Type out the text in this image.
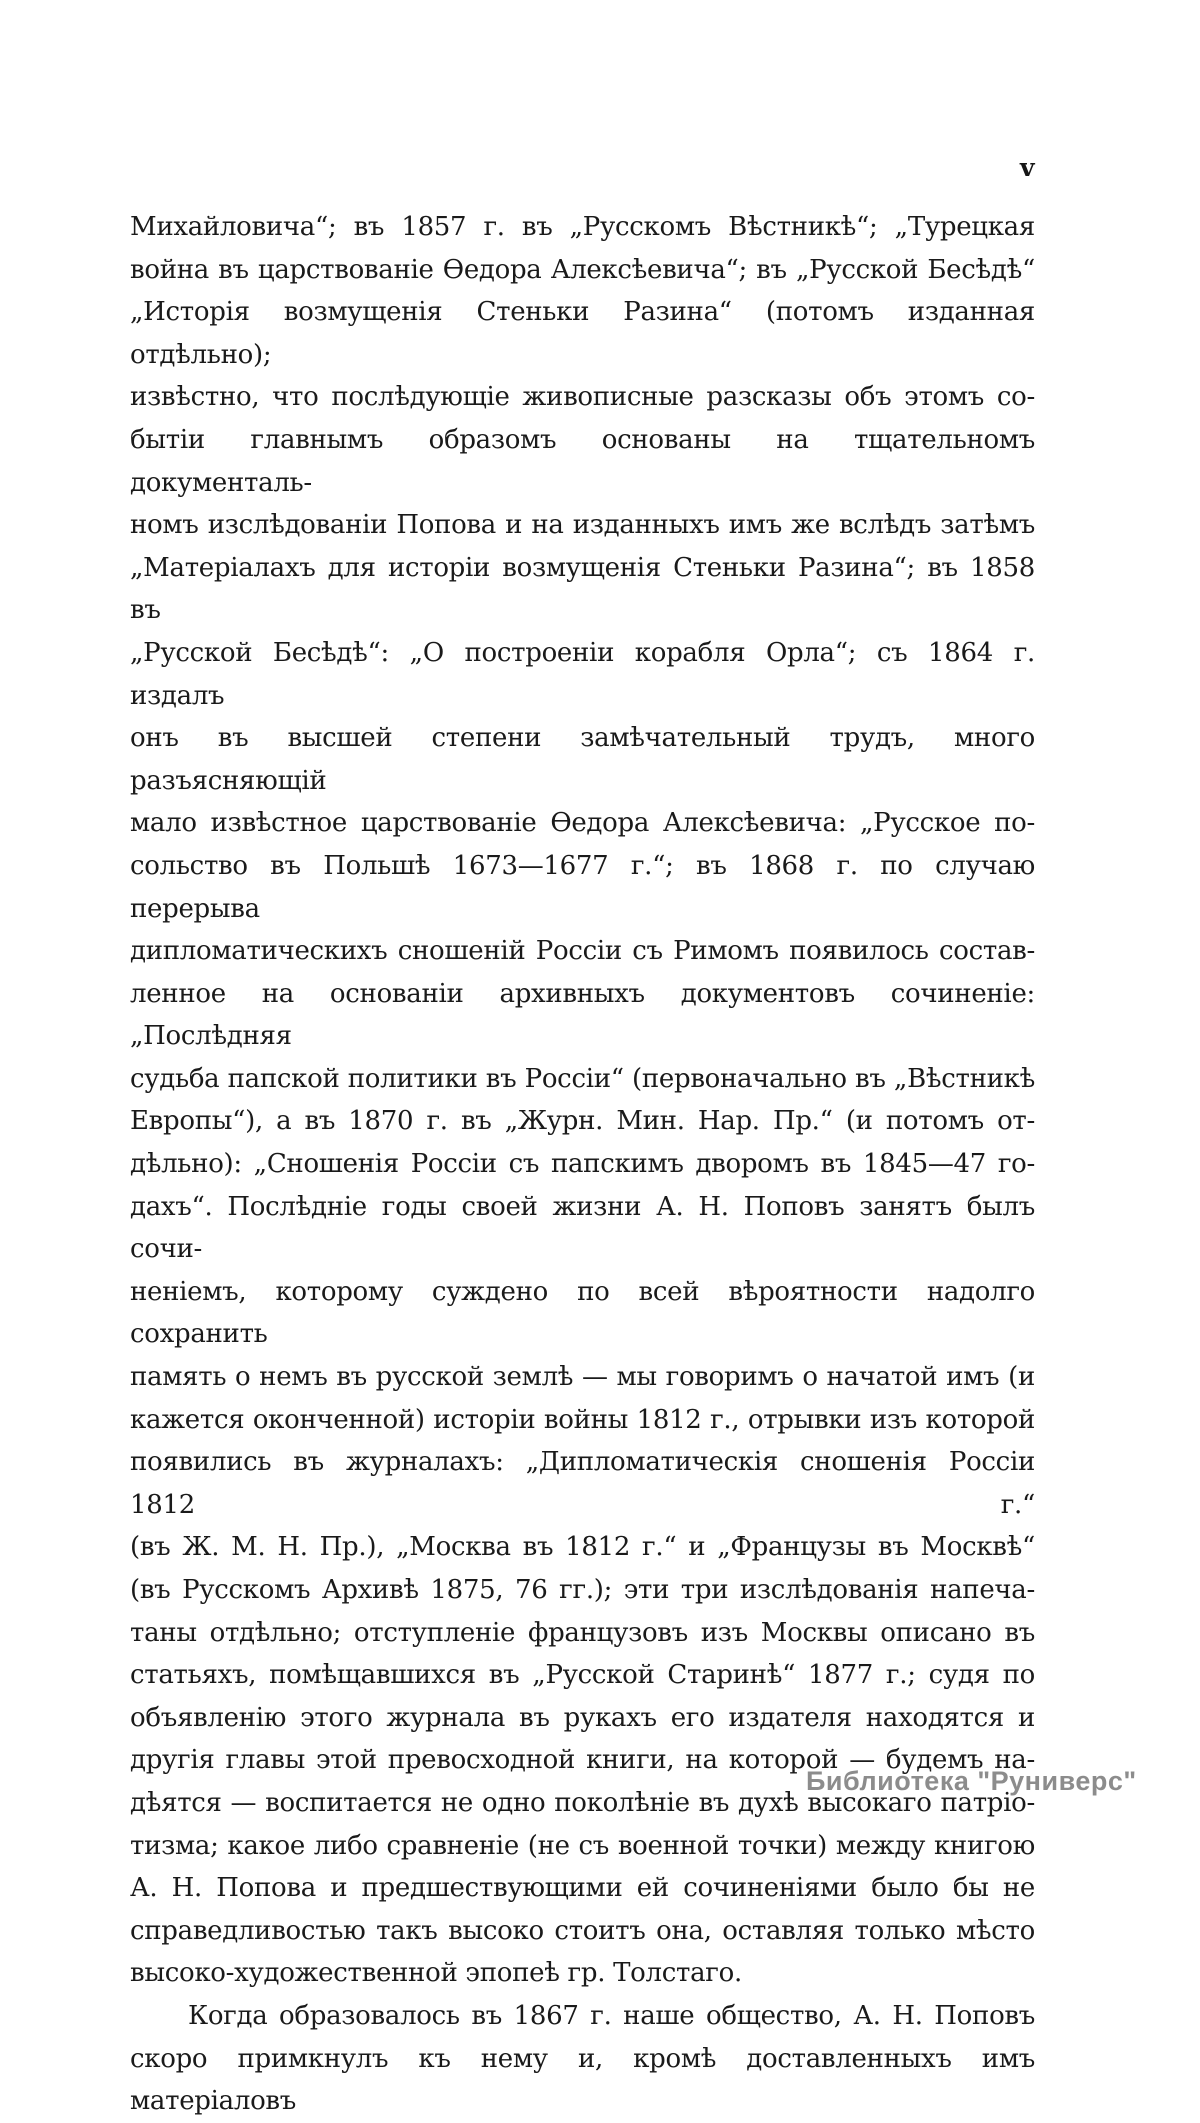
v
Михайловича“; въ 1857 г. въ „Русскомъ Вѣстникѣ“; „Турецкая
война въ царствованіе Ѳедора Алексѣевича“; въ „Русской Бесѣдѣ“
„Исторія возмущенія Стеньки Разина“ (потомъ изданная отдѣльно);
извѣстно, что послѣдующіе живописные разсказы объ этомъ со-
бытіи главнымъ образомъ основаны на тщательномъ документаль-
номъ изслѣдованіи Попова и на изданныхъ имъ же вслѣдъ затѣмъ
„Матеріалахъ для исторіи возмущенія Стеньки Разина“; въ 1858 въ
„Русской Бесѣдѣ“: „О построеніи корабля Орла“; съ 1864 г. издалъ
онъ въ высшей степени замѣчательный трудъ, много разъясняющій
мало извѣстное царствованіе Ѳедора Алексѣевича: „Русское по-
сольство въ Польшѣ 1673—1677 г.“; въ 1868 г. по случаю перерыва
дипломатическихъ сношеній Россіи съ Римомъ появилось состав-
ленное на основаніи архивныхъ документовъ сочиненіе: „Послѣдняя
судьба папской политики въ Россіи“ (первоначально въ „Вѣстникѣ
Европы“), а въ 1870 г. въ „Журн. Мин. Нар. Пр.“ (и потомъ от-
дѣльно): „Сношенія Россіи съ папскимъ дворомъ въ 1845—47 го-
дахъ“. Послѣдніе годы своей жизни А. Н. Поповъ занятъ былъ сочи-
неніемъ, которому суждено по всей вѣроятности надолго сохранить
память о немъ въ русской землѣ — мы говоримъ о начатой имъ (и
кажется оконченной) исторіи войны 1812 г., отрывки изъ которой
появились въ журналахъ: „Дипломатическія сношенія Россіи 1812 г.“
(въ Ж. М. Н. Пр.), „Москва въ 1812 г.“ и „Французы въ Москвѣ“
(въ Русскомъ Архивѣ 1875, 76 гг.); эти три изслѣдованія напеча-
таны отдѣльно; отступленіе французовъ изъ Москвы описано въ
статьяхъ, помѣщавшихся въ „Русской Старинѣ“ 1877 г.; судя по
объявленію этого журнала въ рукахъ его издателя находятся и
другія главы этой превосходной книги, на которой — будемъ на-
дѣятся — воспитается не одно поколѣніе въ духѣ высокаго патріо-
тизма; какое либо сравненіе (не съ военной точки) между книгою
А. Н. Попова и предшествующими ей сочиненіями было бы не
справедливостью такъ высоко стоитъ она, оставляя только мѣсто
высоко-художественной эпопеѣ гр. Толстаго.
Когда образовалось въ 1867 г. наше общество, А. Н. Поповъ
скоро примкнулъ къ нему и, кромѣ доставленныхъ имъ матеріаловъ
Библиотека "Руниверс"
